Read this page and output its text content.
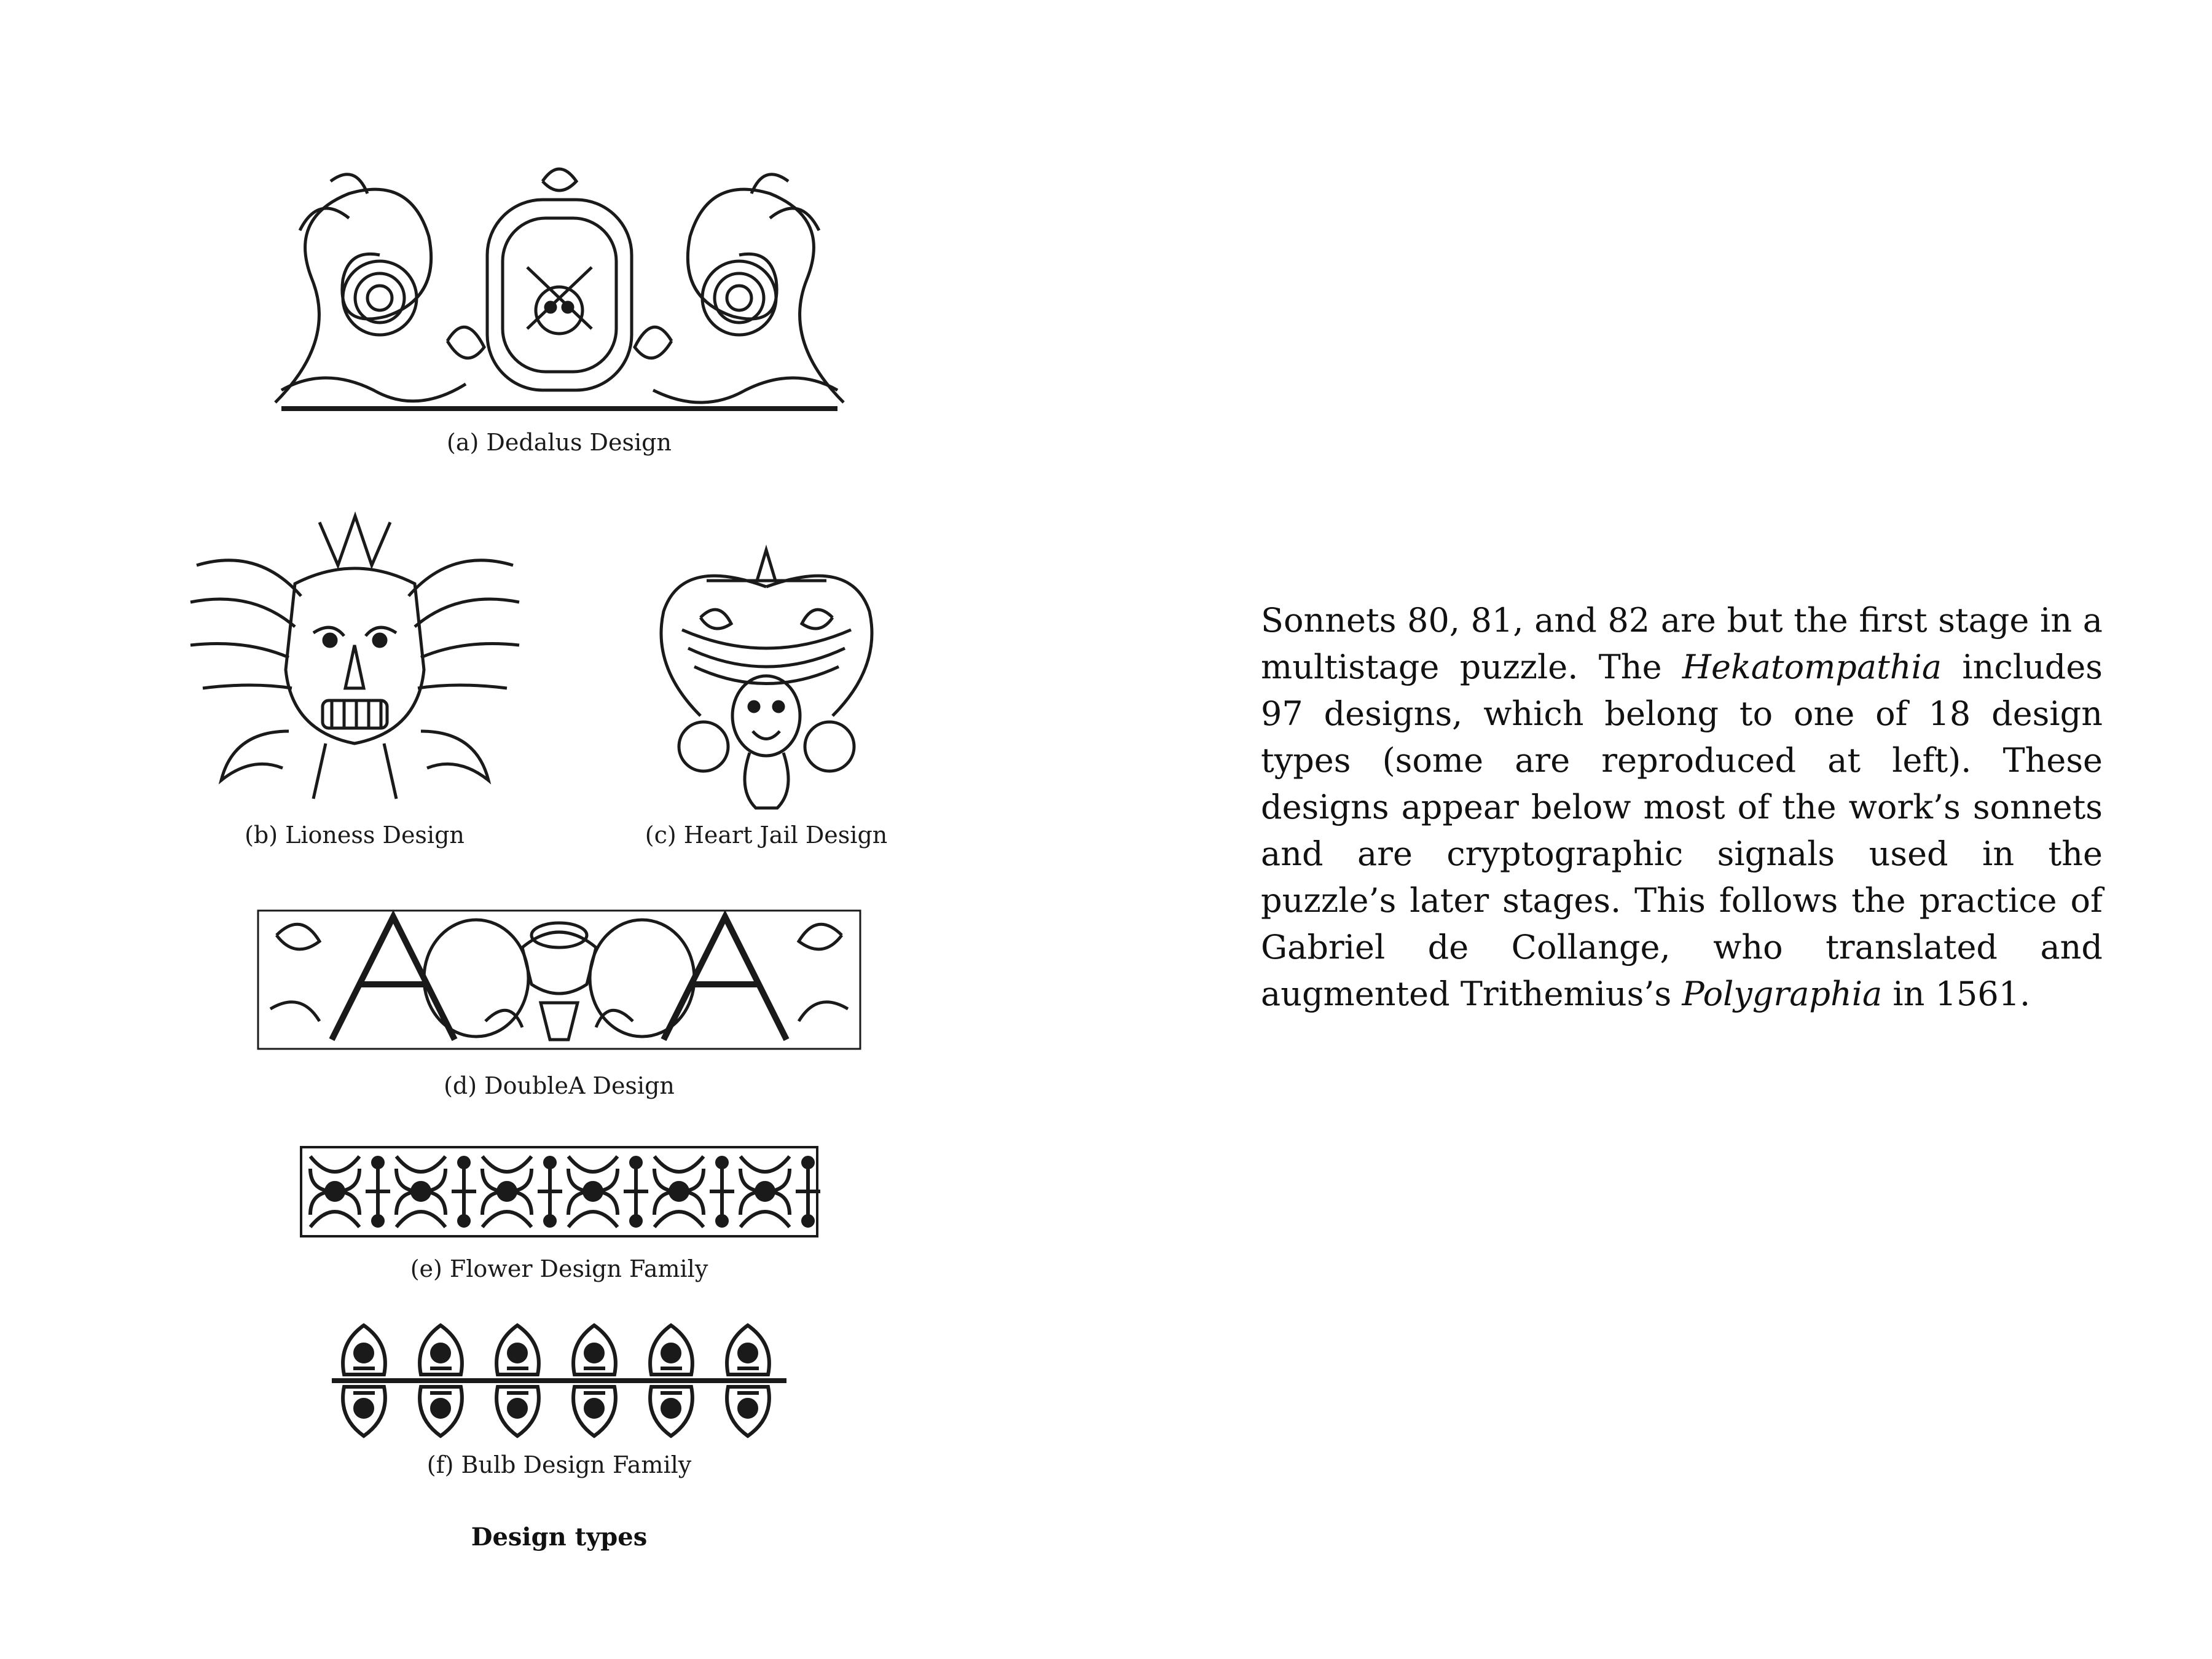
(a) Dedalus Design
(b) Lioness Design	(c) Heart Jail Design
(d) DoubleA Design
(e) Flower Design Family
(f) Bulb Design Family
Design types
Sonnets 80, 81, and 82 are but the first stage in a multistage puzzle. The Hekatompathia includes 97 designs, which belong to one of 18 design types (some are reproduced at left). These designs appear below most of the work’s sonnets and are cryptographic signals used in the puzzle’s later stages. This follows the practice of Gabriel de Collange, who translated and augmented Trithemius’s Polygraphia in 1561.
